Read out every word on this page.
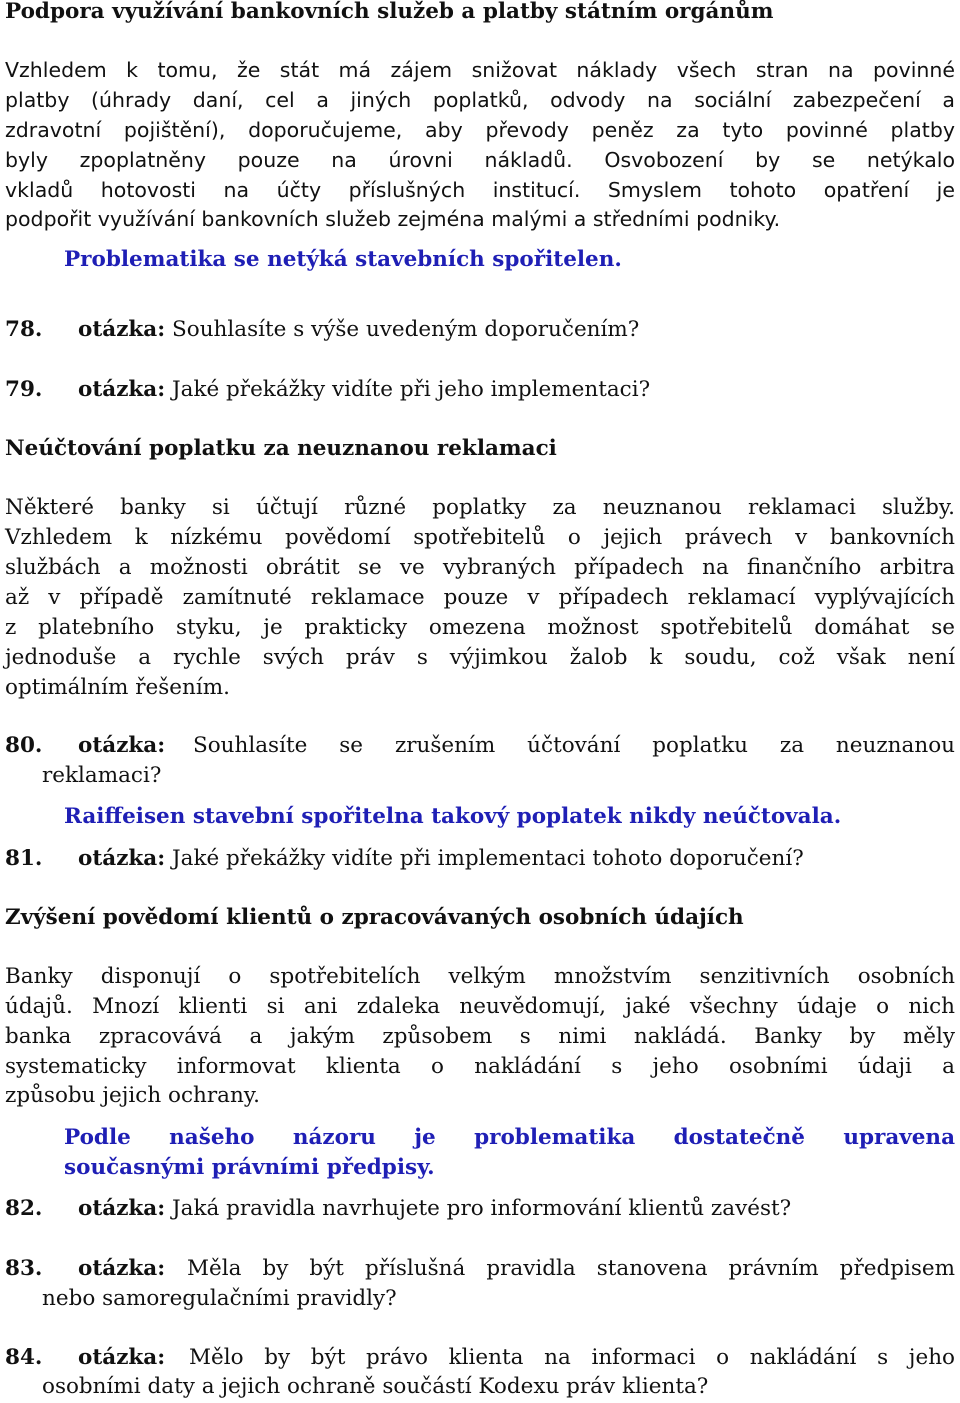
Podpora využívání bankovních služeb a platby státním orgánům
Vzhledem k tomu, že stát má zájem snižovat náklady všech stran na povinné
platby (úhrady daní, cel a jiných poplatků, odvody na sociální zabezpečení a
zdravotní pojištění), doporučujeme, aby převody peněz za tyto povinné platby
byly zpoplatněny pouze na úrovni nákladů. Osvobození by se netýkalo
vkladů hotovosti na účty příslušných institucí. Smyslem tohoto opatření je
podpořit využívání bankovních služeb zejména malými a středními podniky.
Problematika se netýká stavebních spořitelen.
78. otázka: Souhlasíte s výše uvedeným doporučením?
79. otázka: Jaké překážky vidíte při jeho implementaci?
Neúčtování poplatku za neuznanou reklamaci
Některé banky si účtují různé poplatky za neuznanou reklamaci služby.
Vzhledem k nízkému povědomí spotřebitelů o jejich právech v bankovních
službách a možnosti obrátit se ve vybraných případech na finančního arbitra
až v případě zamítnuté reklamace pouze v případech reklamací vyplývajících
z platebního styku, je prakticky omezena možnost spotřebitelů domáhat se
jednoduše a rychle svých práv s výjimkou žalob k soudu, což však není
optimálním řešením.
80. otázka: Souhlasíte  se  zrušením  účtování  poplatku  za  neuznanou
reklamaci?
Raiffeisen stavební spořitelna takový poplatek nikdy neúčtovala.
81. otázka: Jaké překážky vidíte při implementaci tohoto doporučení?
Zvýšení povědomí klientů o zpracovávaných osobních údajích
Banky disponují o spotřebitelích velkým množstvím senzitivních osobních
údajů. Mnozí klienti si ani zdaleka neuvědomují, jaké všechny údaje o nich
banka zpracovává a jakým způsobem s nimi nakládá. Banky by měly
systematicky informovat klienta o nakládání s jeho osobními údaji a
způsobu jejich ochrany.
Podle našeho názoru je problematika dostatečně upravena
současnými právními předpisy.
82. otázka: Jaká pravidla navrhujete pro informování klientů zavést?
83. otázka: Měla by být příslušná pravidla stanovena právním předpisem
nebo samoregulačními pravidly?
84. otázka: Mělo by být právo klienta na informaci o nakládání s jeho
osobními daty a jejich ochraně součástí Kodexu práv klienta?
